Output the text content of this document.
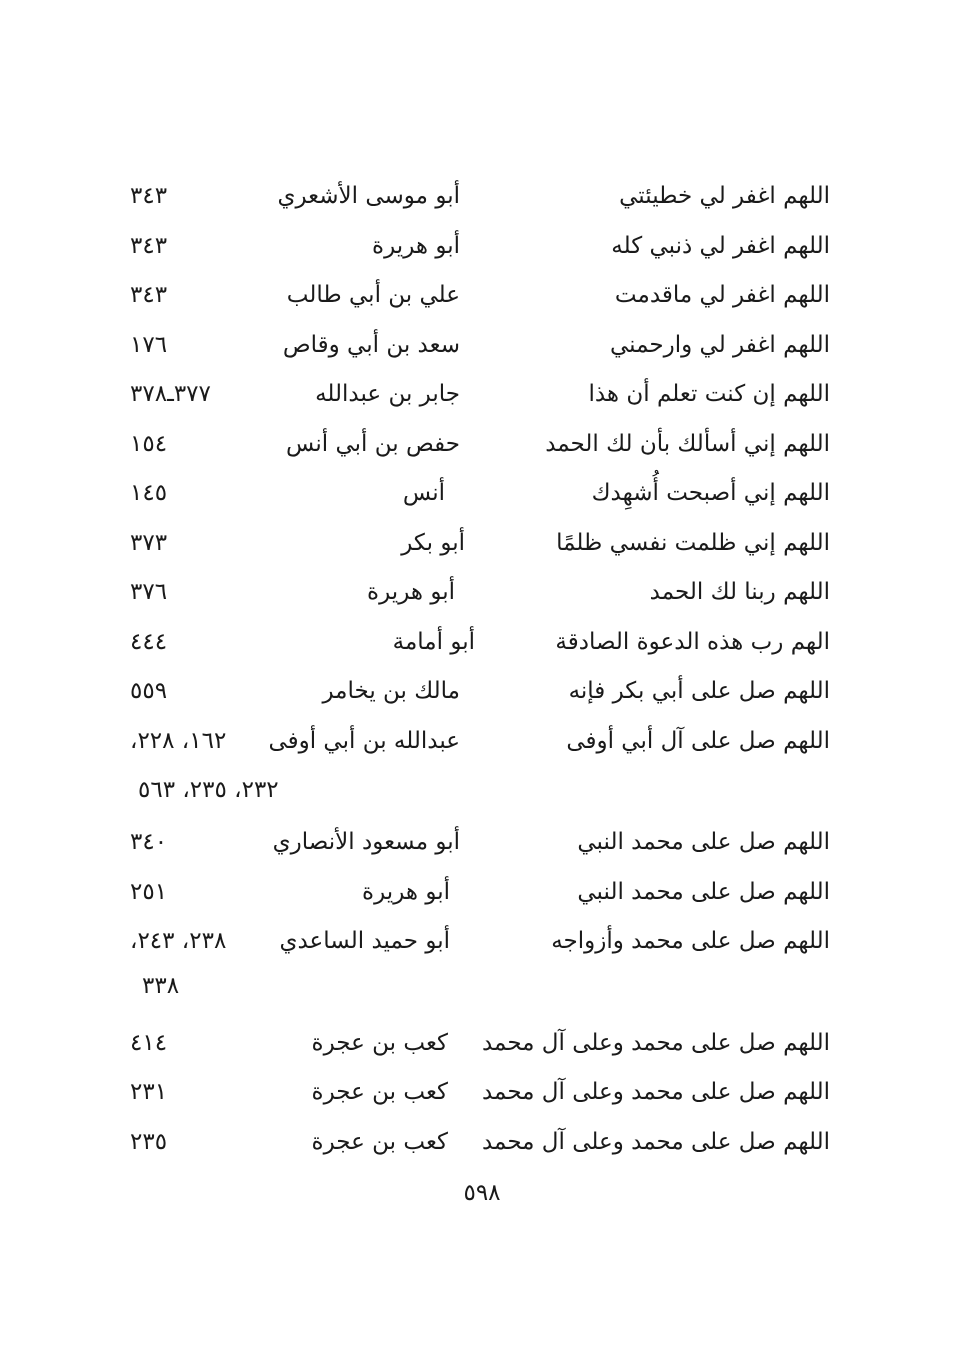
اللهم اغفر لي خطيئتي
أبو موسى الأشعري
٣٤٣
اللهم اغفر لي ذنبي كله
أبو هريرة
٣٤٣
اللهم اغفر لي ماقدمت
علي بن أبي طالب
٣٤٣
اللهم اغفر لي وارحمني
سعد بن أبي وقاص
١٧٦
اللهم إن كنت تعلم أن هذا
جابر بن عبدالله
٣٧٧ـ٣٧٨
اللهم إني أسألك بأن لك الحمد
حفص بن أبي أنس
١٥٤
اللهم إني أصبحت أُشهِدك
أنس
١٤٥
اللهم إني ظلمت نفسي ظلمًا
أبو بكر
٣٧٣
اللهم ربنا لك الحمد
أبو هريرة
٣٧٦
الهم رب هذه الدعوة الصادقة
أبو أمامة
٤٤٤
اللهم صل على أبي بكر فإنه
مالك بن يخامر
٥٥٩
اللهم صل على آل أبي أوفى
عبدالله بن أبي أوفى
١٦٢، ٢٢٨،
٢٣٢، ٢٣٥، ٥٦٣
اللهم صل على محمد النبي
أبو مسعود الأنصاري
٣٤٠
اللهم صل على محمد النبي
أبو هريرة
٢٥١
اللهم صل على محمد وأزواجه
أبو حميد الساعدي
٢٣٨، ٢٤٣،
٣٣٨
اللهم صل على محمد وعلى آل محمد
كعب بن عجرة
٤١٤
اللهم صل على محمد وعلى آل محمد
كعب بن عجرة
٢٣١
اللهم صل على محمد وعلى آل محمد
كعب بن عجرة
٢٣٥
٥٩٨
